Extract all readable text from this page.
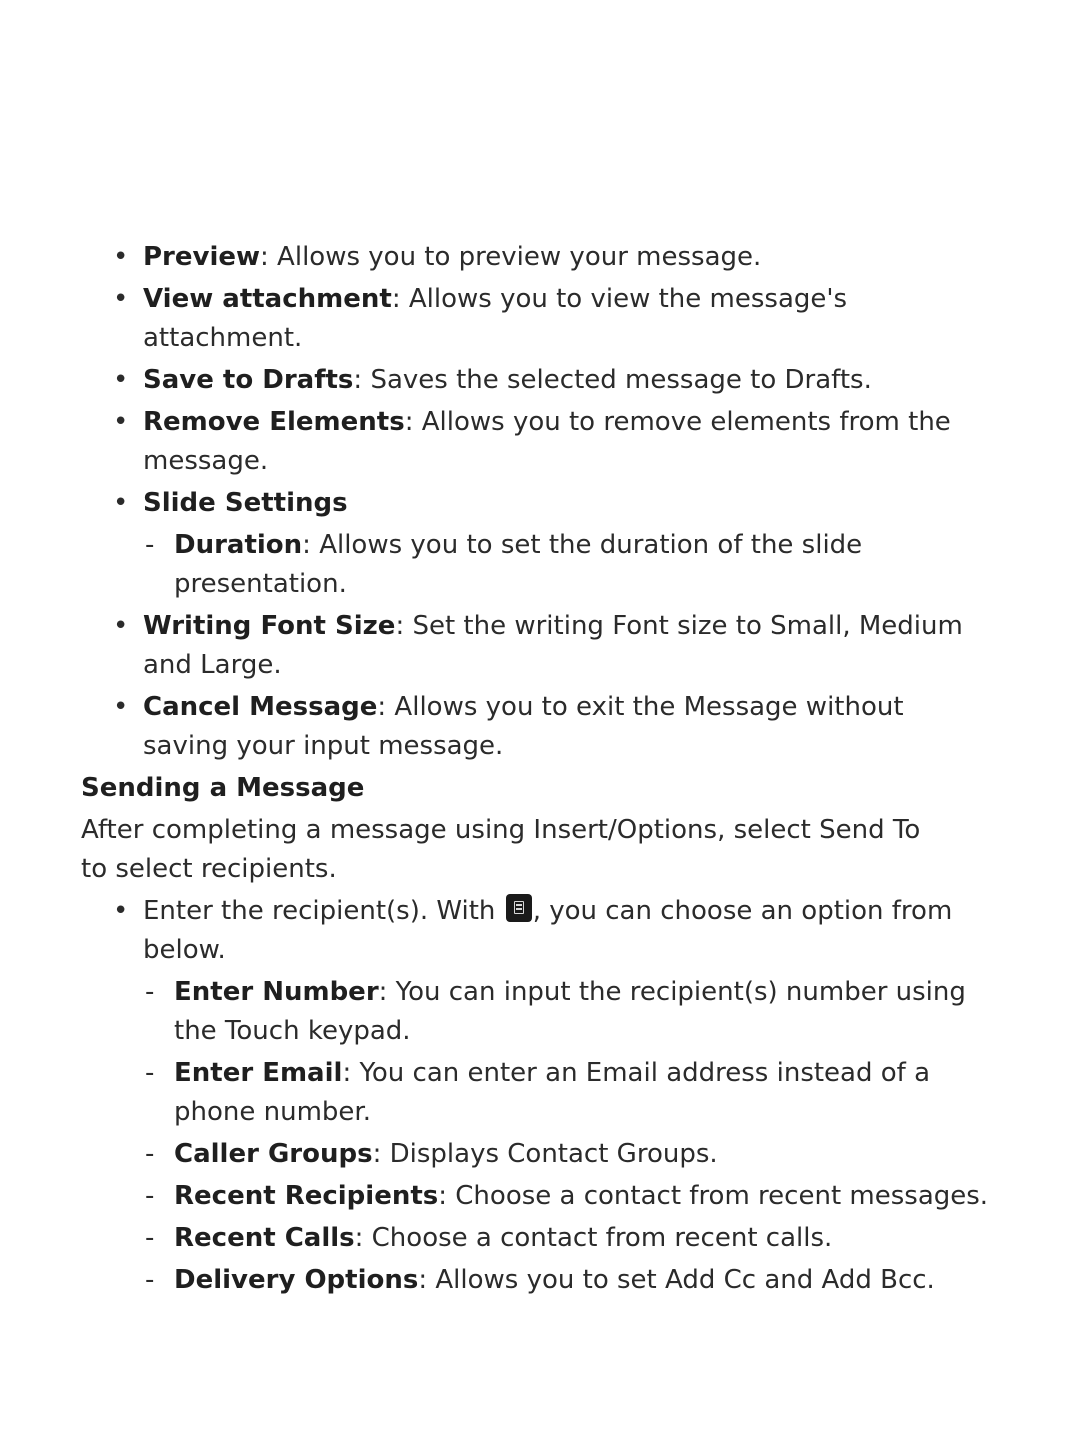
• Preview: Allows you to preview your message.
• View attachment: Allows you to view the message's attachment.
• Save to Drafts: Saves the selected message to Drafts.
• Remove Elements: Allows you to remove elements from the message.
• Slide Settings
- Duration: Allows you to set the duration of the slide presentation.
• Writing Font Size: Set the writing Font size to Small, Medium and Large.
• Cancel Message: Allows you to exit the Message without saving your input message.
Sending a Message
After completing a message using Insert/Options, select Send To to select recipients.
• Enter the recipient(s). With
, you can choose an option from below.
- Enter Number: You can input the recipient(s) number using the Touch keypad.
- Enter Email: You can enter an Email address instead of a phone number.
- Caller Groups: Displays Contact Groups.
- Recent Recipients: Choose a contact from recent messages.
- Recent Calls: Choose a contact from recent calls.
- Delivery Options: Allows you to set Add Cc and Add Bcc.
